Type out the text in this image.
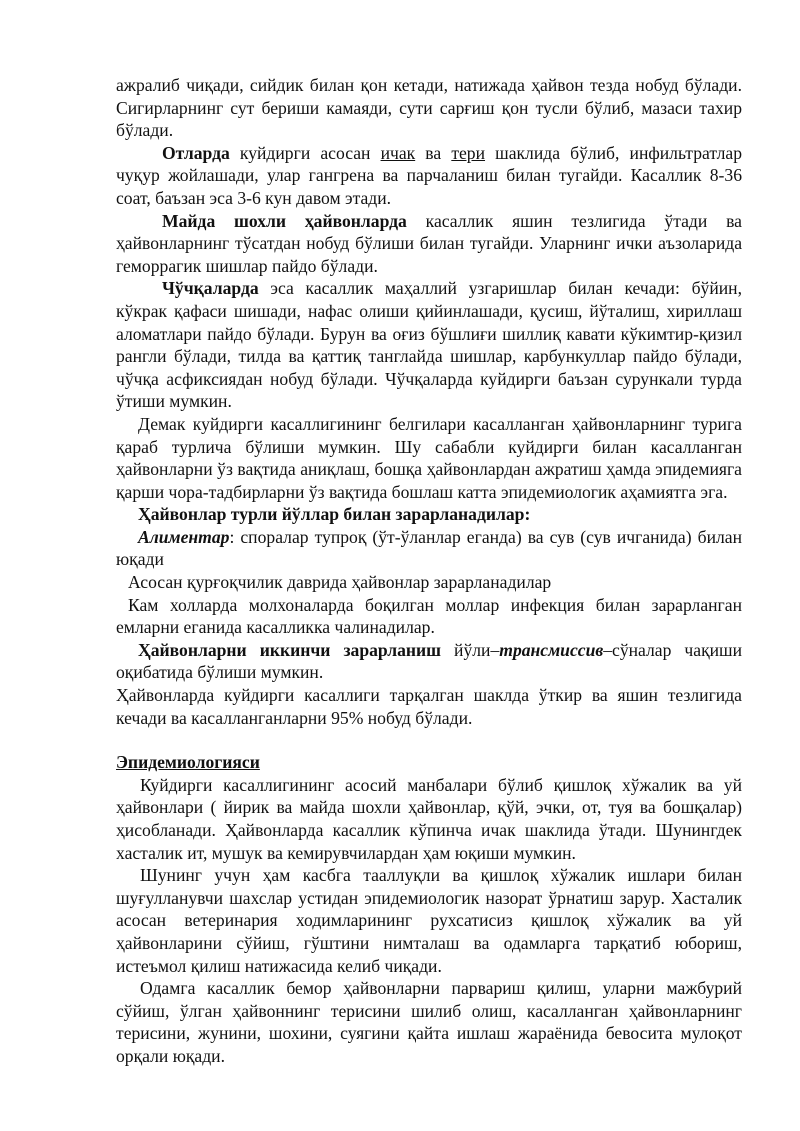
ажралиб чиқади, сийдик билан қон кетади, натижада ҳайвон тезда нобуд бўлади. Сигирларнинг сут бериши камаяди, сути сарғиш қон тусли бўлиб, мазаси тахир бўлади.

Отларда куйдирги асосан ичак ва тери шаклида бўлиб, инфильтратлар чуқур жойлашади, улар гангрена ва парчаланиш билан тугайди. Касаллик 8-36 соат, баъзан эса 3-6 кун давом этади.

Майда шохли ҳайвонларда касаллик яшин тезлигида ўтади ва ҳайвонларнинг тўсатдан нобуд бўлиши билан тугайди. Уларнинг ички аъзоларида геморрагик шишлар пайдо бўлади.

Чўчқаларда эса касаллик маҳаллий узгаришлар билан кечади: бўйин, кўкрак қафаси шишади, нафас олиши қийинлашади, қусиш, йўталиш, хириллаш аломатлари пайдо бўлади. Бурун ва оғиз бўшлиғи шиллиқ кавати кўкимтир-қизил рангли бўлади, тилда ва қаттиқ танглайда шишлар, карбункуллар пайдо бўлади, чўчқа асфиксиядан нобуд бўлади. Чўчқаларда куйдирги баъзан сурункали турда ўтиши мумкин.

Демак куйдирги касаллигининг белгилари касалланган ҳайвонларнинг турига қараб турлича бўлиши мумкин. Шу сабабли куйдирги билан касалланган ҳайвонларни ўз вақтида аниқлаш, бошқа ҳайвонлардан ажратиш ҳамда эпидемияга қарши чора-тадбирларни ўз вақтида бошлаш катта эпидемиологик аҳамиятга эга.

Ҳайвонлар турли йўллар билан зарарланадилар:

Алиментар: споралар тупроқ (ўт-ўланлар еганда) ва сув (сув ичганида) билан юқади

Асосан қурғоқчилик даврида ҳайвонлар зарарланадилар

Кам холларда молхоналарда боқилган моллар инфекция билан зарарланган емларни еганида касалликка чалинадилар.

Ҳайвонларни иккинчи зарарланиш йўли–трансмиссив–сўналар чақиши оқибатида бўлиши мумкин.

Ҳайвонларда куйдирги касаллиги тарқалган шаклда ўткир ва яшин тезлигида кечади ва касалланганларни 95% нобуд бўлади.

Эпидемиологияси

Куйдирги касаллигининг асосий манбалари бўлиб қишлоқ хўжалик ва уй ҳайвонлари ( йирик ва майда шохли ҳайвонлар, қўй, эчки, от, туя ва бошқалар) ҳисобланади. Ҳайвонларда касаллик кўпинча ичак шаклида ўтади. Шунингдек хасталик ит, мушук ва кемирувчилардан ҳам юқиши мумкин.

Шунинг учун ҳам касбга тааллуқли ва қишлоқ хўжалик ишлари билан шуғулланувчи шахслар устидан эпидемиологик назорат ўрнатиш зарур. Хасталик асосан ветеринария ходимларининг рухсатисиз қишлоқ хўжалик ва уй ҳайвонларини сўйиш, гўштини нимталаш ва одамларга тарқатиб юбориш, истеъмол қилиш натижасида келиб чиқади.

Одамга касаллик бемор ҳайвонларни парвариш қилиш, уларни мажбурий сўйиш, ўлган ҳайвоннинг терисини шилиб олиш, касалланган ҳайвонларнинг терисини, жунини, шохини, суягини қайта ишлаш жараёнида бевосита мулоқот орқали юқади.
